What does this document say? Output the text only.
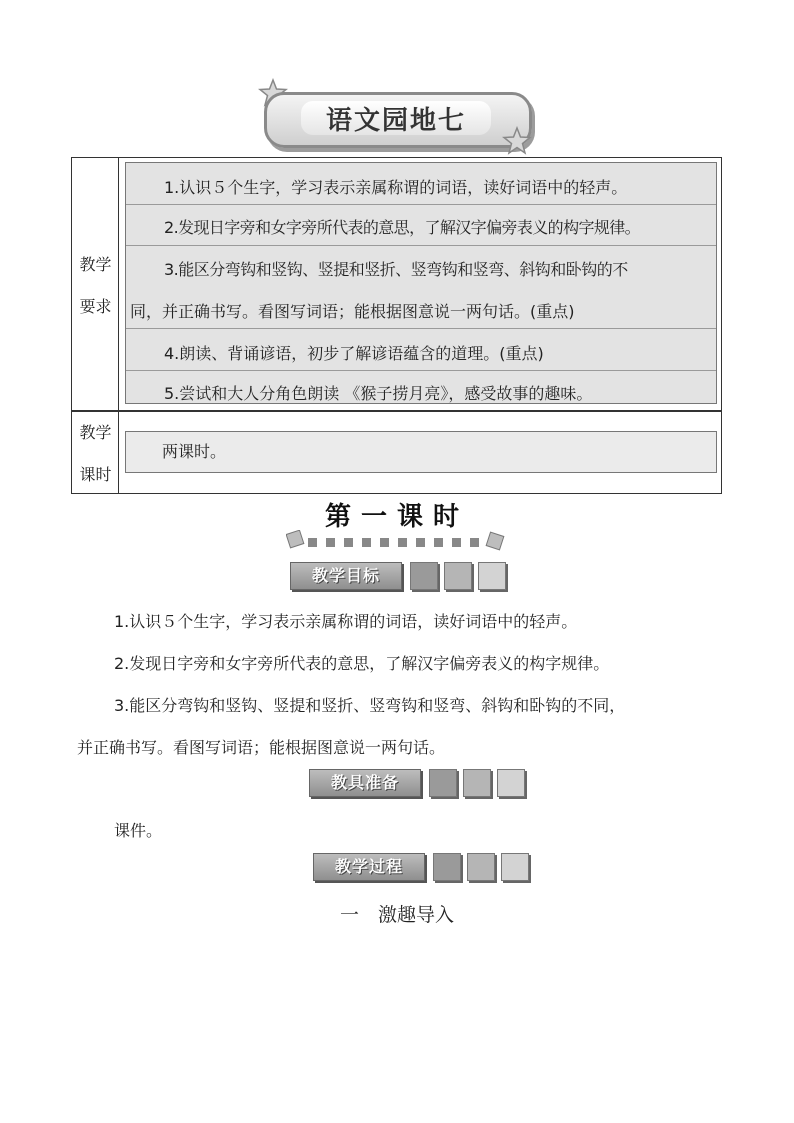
语文园地七
教学
要求
教学
课时
1.认识５个生字，学习表示亲属称谓的词语，读好词语中的轻声。
2.发现日字旁和女字旁所代表的意思，了解汉字偏旁表义的构字规律。
3.能区分弯钩和竖钩、竖提和竖折、竖弯钩和竖弯、斜钩和卧钩的不
同，并正确书写。看图写词语；能根据图意说一两句话。(重点)
4.朗读、背诵谚语，初步了解谚语蕴含的道理。(重点)
5.尝试和大人分角色朗读 《猴子捞月亮》，感受故事的趣味。
两课时。
第一课时
教学目标
1.认识５个生字，学习表示亲属称谓的词语，读好词语中的轻声。
2.发现日字旁和女字旁所代表的意思，了解汉字偏旁表义的构字规律。
3.能区分弯钩和竖钩、竖提和竖折、竖弯钩和竖弯、斜钩和卧钩的不同，
并正确书写。看图写词语；能根据图意说一两句话。
教具准备
课件。
教学过程
一　激趣导入
